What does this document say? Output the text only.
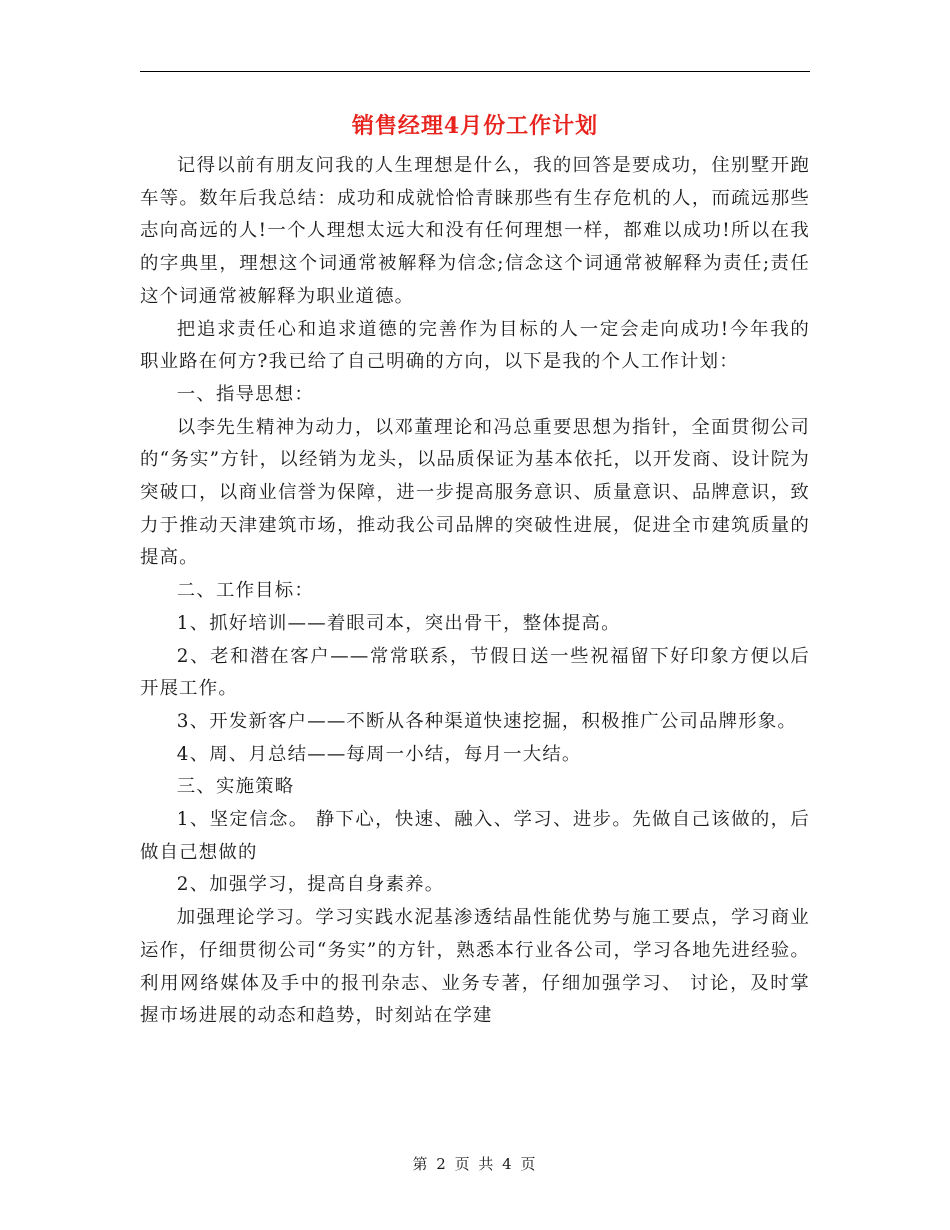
销售经理4月份工作计划

记得以前有朋友问我的人生理想是什么，我的回答是要成功，住别墅开跑车等。数年后我总结：成功和成就恰恰青睐那些有生存危机的人，而疏远那些志向高远的人!一个人理想太远大和没有任何理想一样，都难以成功!所以在我的字典里，理想这个词通常被解释为信念;信念这个词通常被解释为责任;责任这个词通常被解释为职业道德。

把追求责任心和追求道德的完善作为目标的人一定会走向成功!今年我的职业路在何方?我已给了自己明确的方向，以下是我的个人工作计划：

一、指导思想：

以李先生精神为动力，以邓董理论和冯总重要思想为指针，全面贯彻公司的“务实”方针，以经销为龙头，以品质保证为基本依托，以开发商、设计院为突破口，以商业信誉为保障，进一步提高服务意识、质量意识、品牌意识，致力于推动天津建筑市场，推动我公司品牌的突破性进展，促进全市建筑质量的提高。

二、工作目标：

1、抓好培训——着眼司本，突出骨干，整体提高。

2、老和潜在客户——常常联系，节假日送一些祝福留下好印象方便以后开展工作。

3、开发新客户——不断从各种渠道快速挖掘，积极推广公司品牌形象。

4、周、月总结——每周一小结，每月一大结。

三、实施策略

1、坚定信念。 静下心，快速、融入、学习、进步。先做自己该做的，后做自己想做的

2、加强学习，提高自身素养。

加强理论学习。学习实践水泥基渗透结晶性能优势与施工要点，学习商业运作，仔细贯彻公司“务实”的方针，熟悉本行业各公司，学习各地先进经验。利用网络媒体及手中的报刊杂志、业务专著，仔细加强学习、 讨论，及时掌握市场进展的动态和趋势，时刻站在学建

第 2 页 共 4 页
